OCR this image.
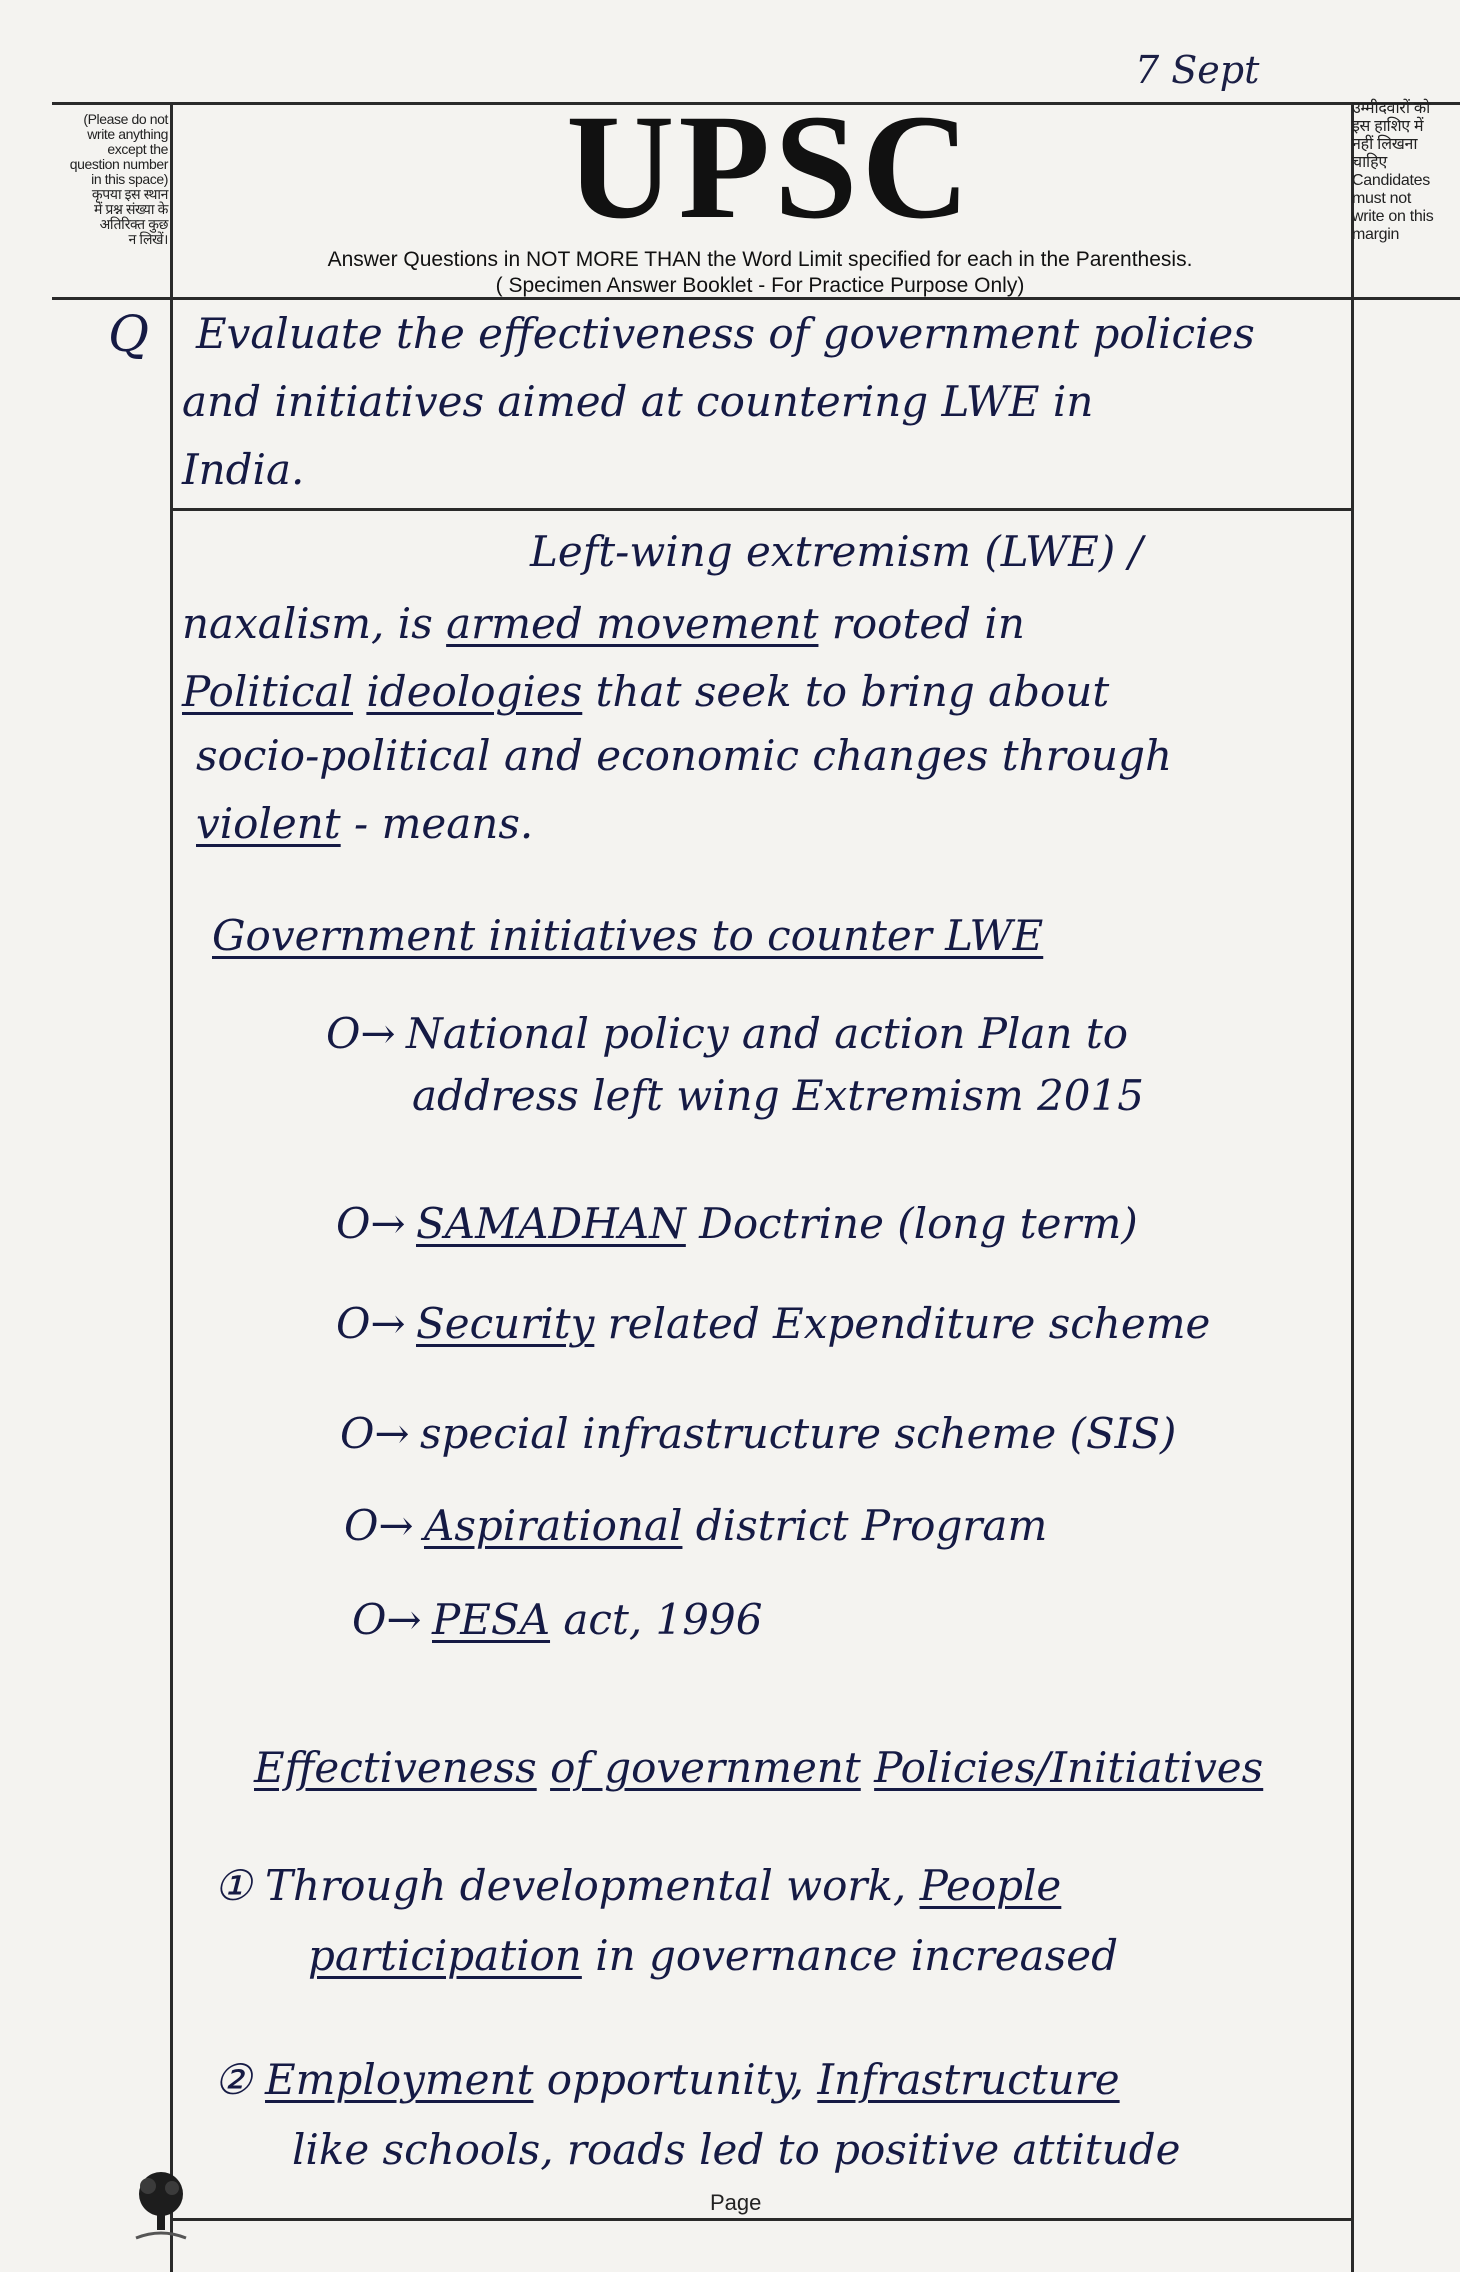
7 Sept
(Please do not
write anything
except the
question number
in this space)
कृपया इस स्थान
में प्रश्न संख्या के
अतिरिक्त कुछ
न लिखें।
उम्मीदवारों को
इस हाशिए में
नहीं लिखना
चाहिए
Candidates
must not
write on this
margin
UPSC
Answer Questions in NOT MORE THAN the Word Limit specified for each in the Parenthesis.
( Specimen Answer Booklet - For Practice Purpose Only)
Q Evaluate the effectiveness of government policies
and initiatives aimed at countering LWE in
India.
Left-wing extremism (LWE) /
naxalism, is armed movement rooted in
Political ideologies that seek to bring about
socio-political and economic changes through
violent - means.
Government initiatives to counter LWE
O→ National policy and action Plan to
address left wing Extremism 2015
O→ SAMADHAN Doctrine (long term)
O→ Security related Expenditure scheme
O→ special infrastructure scheme (SIS)
O→ Aspirational district Program
O→ PESA act, 1996
Effectiveness of government Policies/Initiatives
① Through developmental work, People
participation in governance increased
② Employment opportunity, Infrastructure
like schools, roads led to positive attitude
Page
